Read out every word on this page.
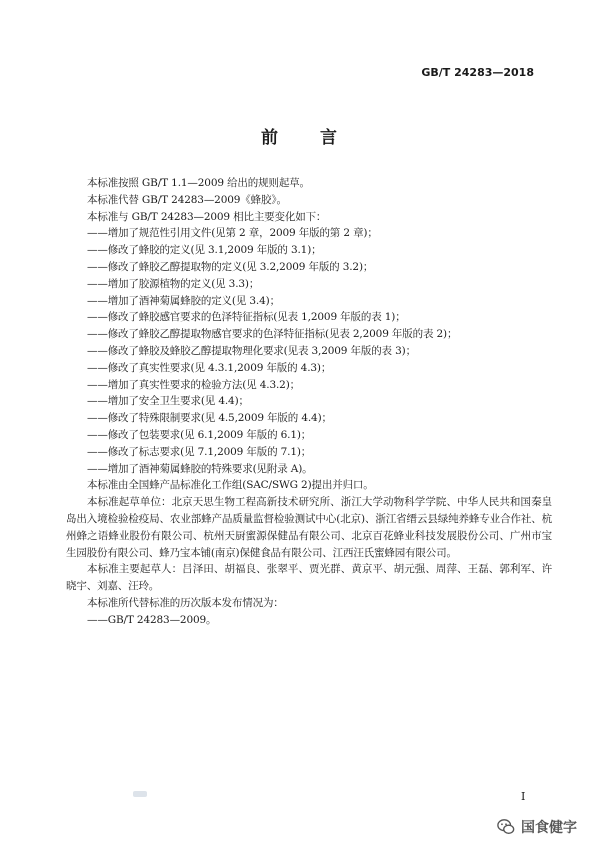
GB/T 24283—2018
前 言
本标准按照 GB/T 1.1—2009 给出的规则起草。
本标准代替 GB/T 24283—2009《蜂胶》。
本标准与 GB/T 24283—2009 相比主要变化如下：
——增加了规范性引用文件(见第 2 章，2009 年版的第 2 章)；
——修改了蜂胶的定义(见 3.1,2009 年版的 3.1)；
——修改了蜂胶乙醇提取物的定义(见 3.2,2009 年版的 3.2)；
——增加了胶源植物的定义(见 3.3)；
——增加了酒神菊属蜂胶的定义(见 3.4)；
——修改了蜂胶感官要求的色泽特征指标(见表 1,2009 年版的表 1)；
——修改了蜂胶乙醇提取物感官要求的色泽特征指标(见表 2,2009 年版的表 2)；
——修改了蜂胶及蜂胶乙醇提取物理化要求(见表 3,2009 年版的表 3)；
——修改了真实性要求(见 4.3.1,2009 年版的 4.3)；
——增加了真实性要求的检验方法(见 4.3.2)；
——增加了安全卫生要求(见 4.4)；
——修改了特殊限制要求(见 4.5,2009 年版的 4.4)；
——修改了包装要求(见 6.1,2009 年版的 6.1)；
——修改了标志要求(见 7.1,2009 年版的 7.1)；
——增加了酒神菊属蜂胶的特殊要求(见附录 A)。
本标准由全国蜂产品标准化工作组(SAC/SWG 2)提出并归口。
本标准起草单位：北京天思生物工程高新技术研究所、浙江大学动物科学学院、中华人民共和国秦皇岛出入境检验检疫局、农业部蜂产品质量监督检验测试中心(北京)、浙江省缙云县绿纯养蜂专业合作社、杭州蜂之语蜂业股份有限公司、杭州天厨蜜源保健品有限公司、北京百花蜂业科技发展股份公司、广州市宝生园股份有限公司、蜂乃宝本铺(南京)保健食品有限公司、江西汪氏蜜蜂园有限公司。
本标准主要起草人：吕泽田、胡福良、张翠平、贾光群、黄京平、胡元强、周萍、王磊、郭利军、许晓宇、刘嘉、汪玲。
本标准所代替标准的历次版本发布情况为：
——GB/T 24283—2009。
I
国食健字
